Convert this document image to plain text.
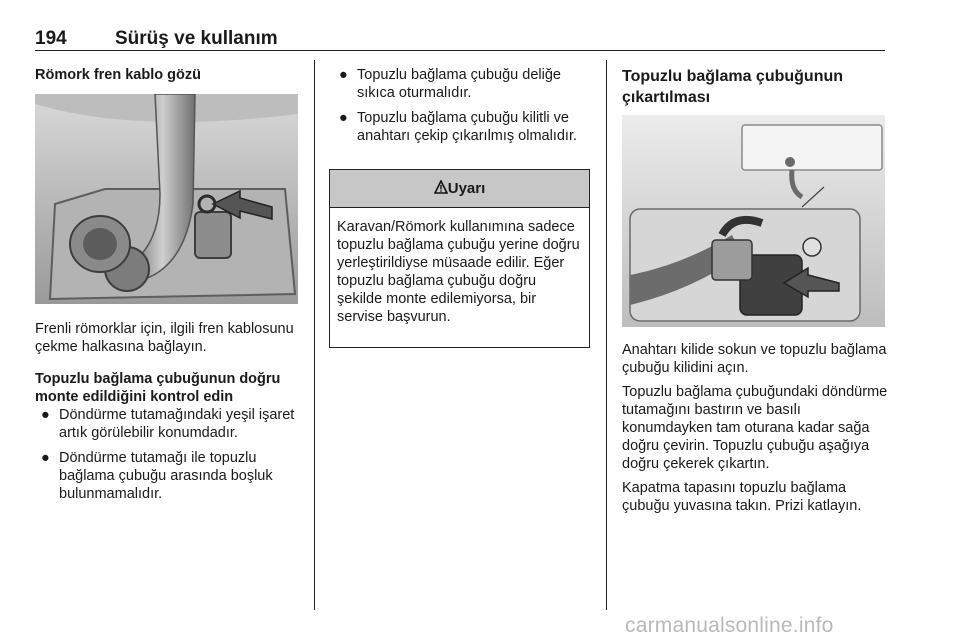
194	Sürüş ve kullanım

Römork fren kablo gözü

Frenli römorklar için, ilgili fren kablosunu çekme halkasına bağlayın.

Topuzlu bağlama çubuğunun doğru monte edildiğini kontrol edin

● Döndürme tutamağındaki yeşil işaret artık görülebilir konumdadır.
● Döndürme tutamağı ile topuzlu bağlama çubuğu arasında boşluk bulunmamalıdır.
● Topuzlu bağlama çubuğu deliğe sıkıca oturmalıdır.
● Topuzlu bağlama çubuğu kilitli ve anahtarı çekip çıkarılmış olmalıdır.
Uyarı
Karavan/Römork kullanımına sadece topuzlu bağlama çubuğu yerine doğru yerleştirildiyse müsaade edilir. Eğer topuzlu bağlama çubuğu doğru şekilde monte edilemiyorsa, bir servise başvurun.

Topuzlu bağlama çubuğunun çıkartılması

Anahtarı kilide sokun ve topuzlu bağlama çubuğu kilidini açın.

Topuzlu bağlama çubuğundaki döndürme tutamağını bastırın ve basılı konumdayken tam oturana kadar sağa doğru çevirin. Topuzlu çubuğu aşağıya doğru çekerek çıkartın.

Kapatma tapasını topuzlu bağlama çubuğu yuvasına takın. Prizi katlayın.

carmanualsonline.info
